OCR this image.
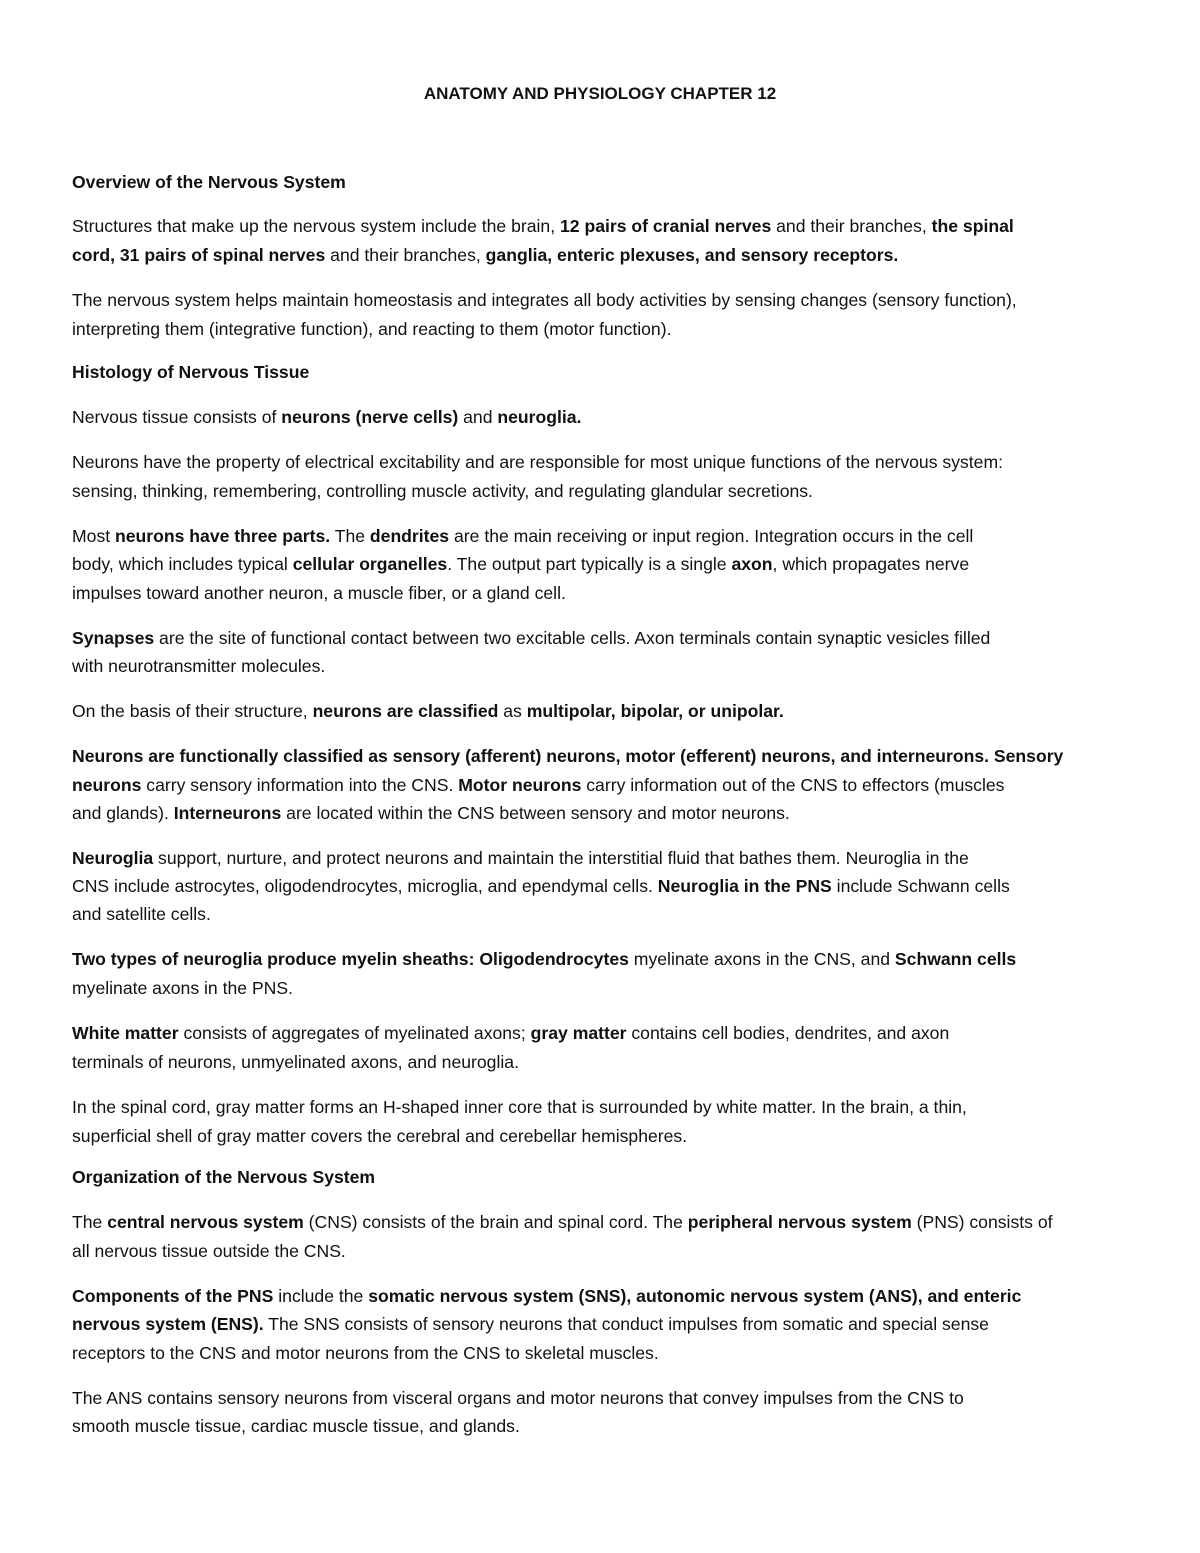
ANATOMY AND PHYSIOLOGY CHAPTER 12
Overview of the Nervous System
Histology of Nervous Tissue
Organization of the Nervous System
Structures that make up the nervous system include the brain, 12 pairs of cranial nerves and their branches, the spinal
cord, 31 pairs of spinal nerves and their branches, ganglia, enteric plexuses, and sensory receptors.
The nervous system helps maintain homeostasis and integrates all body activities by sensing changes (sensory function),
interpreting them (integrative function), and reacting to them (motor function).
Nervous tissue consists of neurons (nerve cells) and neuroglia.
Neurons have the property of electrical excitability and are responsible for most unique functions of the nervous system:
sensing, thinking, remembering, controlling muscle activity, and regulating glandular secretions.
Most neurons have three parts. The dendrites are the main receiving or input region. Integration occurs in the cell
body, which includes typical cellular organelles. The output part typically is a single axon, which propagates nerve
impulses toward another neuron, a muscle fiber, or a gland cell.
Synapses are the site of functional contact between two excitable cells. Axon terminals contain synaptic vesicles filled
with neurotransmitter molecules.
On the basis of their structure, neurons are classified as multipolar, bipolar, or unipolar.
Neurons are functionally classified as sensory (afferent) neurons, motor (efferent) neurons, and interneurons. Sensory
neurons carry sensory information into the CNS. Motor neurons carry information out of the CNS to effectors (muscles
and glands). Interneurons are located within the CNS between sensory and motor neurons.
Neuroglia support, nurture, and protect neurons and maintain the interstitial fluid that bathes them. Neuroglia in the
CNS include astrocytes, oligodendrocytes, microglia, and ependymal cells. Neuroglia in the PNS include Schwann cells
and satellite cells.
Two types of neuroglia produce myelin sheaths: Oligodendrocytes myelinate axons in the CNS, and Schwann cells
myelinate axons in the PNS.
White matter consists of aggregates of myelinated axons; gray matter contains cell bodies, dendrites, and axon
terminals of neurons, unmyelinated axons, and neuroglia.
In the spinal cord, gray matter forms an H-shaped inner core that is surrounded by white matter. In the brain, a thin,
superficial shell of gray matter covers the cerebral and cerebellar hemispheres.
The central nervous system (CNS) consists of the brain and spinal cord. The peripheral nervous system (PNS) consists of
all nervous tissue outside the CNS.
Components of the PNS include the somatic nervous system (SNS), autonomic nervous system (ANS), and enteric
nervous system (ENS). The SNS consists of sensory neurons that conduct impulses from somatic and special sense
receptors to the CNS and motor neurons from the CNS to skeletal muscles.
The ANS contains sensory neurons from visceral organs and motor neurons that convey impulses from the CNS to
smooth muscle tissue, cardiac muscle tissue, and glands.
